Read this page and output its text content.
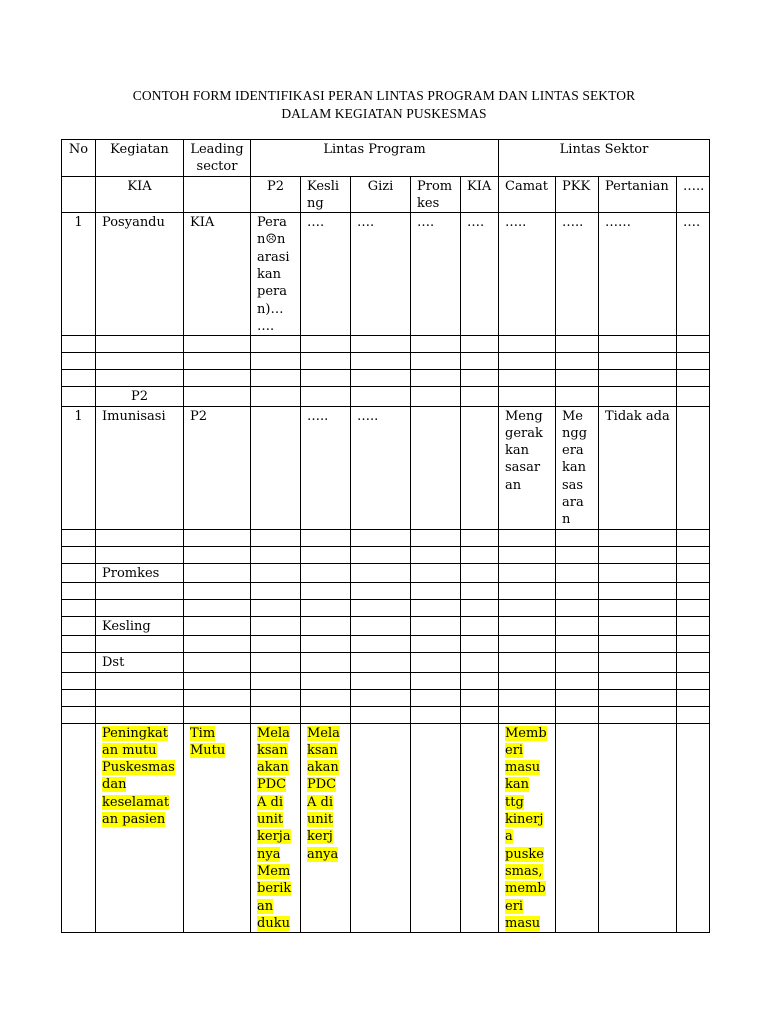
CONTOH FORM IDENTIFIKASI PERAN LINTAS PROGRAM DAN LINTAS SEKTOR
DALAM KEGIATAN PUSKESMAS
No	Kegiatan	Leading sector	Lintas Program					Lintas Sektor			
	KIA		P2	Kesli ng	Gizi	Prom kes	KIA	Camat	PKK	Pertanian	…..
1	Posyandu	KIA	Pera n☹n arasi kan pera n)… ….	….	….	….	….	…..	…..	……	….

	P2										
1	Imunisasi	P2		…..	…..			Meng gerak kan sasar an	Me ngg era kan sas ara n	Tidak ada	

	Promkes										

	Kesling										

	Dst										

	Peningkat an mutu Puskesmas dan keselamat an pasien	Tim Mutu	Mela ksan akan PDC A di unit kerja nya Mem berik an duku	Mela ksan akan PDC A di unit kerj anya				Memb eri masu kan ttg kinerj a puske smas, memb eri masu			
